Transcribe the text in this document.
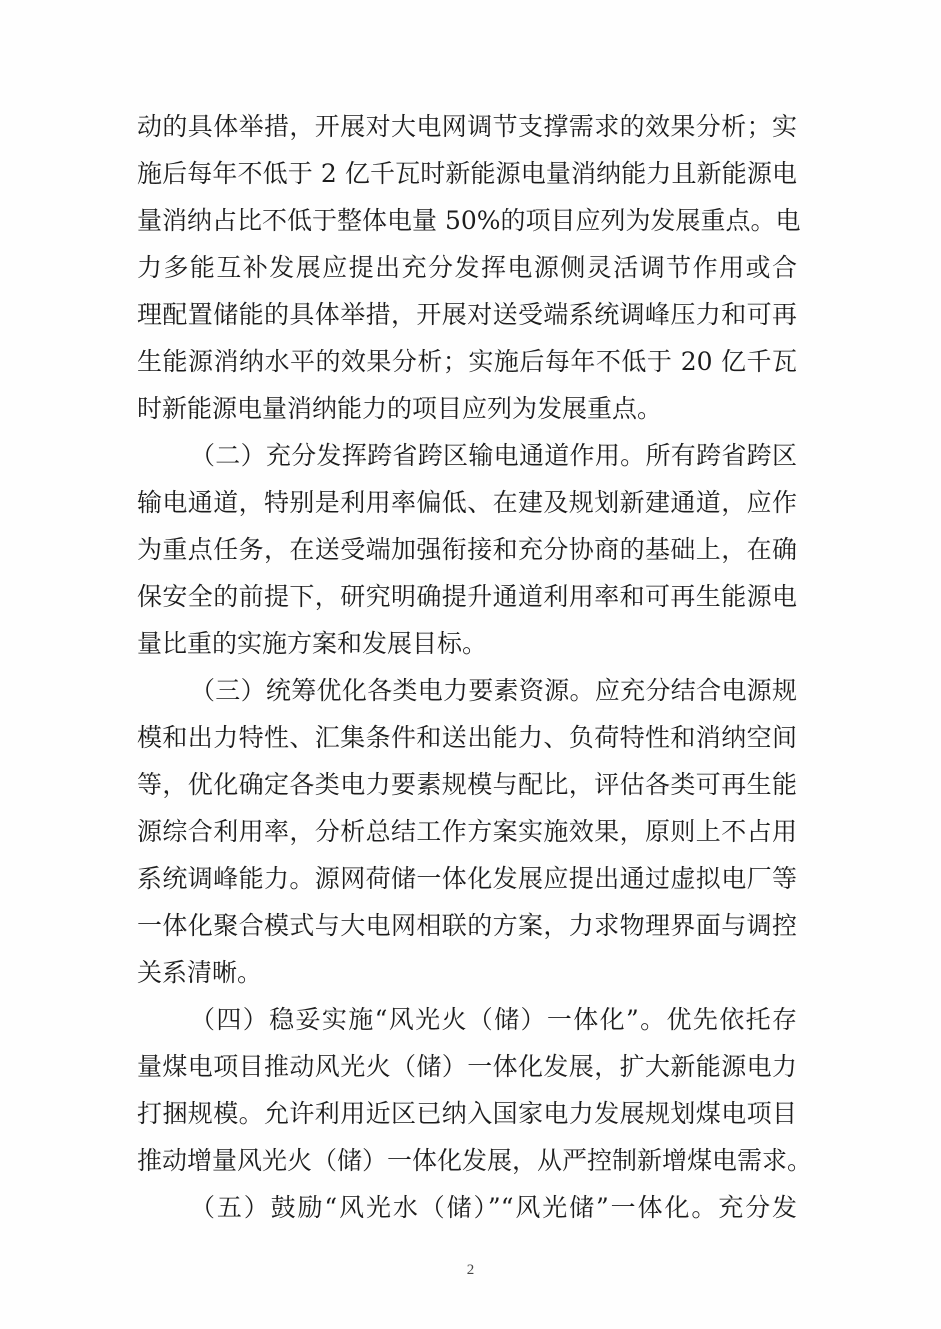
动的具体举措，开展对大电网调节支撑需求的效果分析；实
施后每年不低于 2 亿千瓦时新能源电量消纳能力且新能源电
量消纳占比不低于整体电量 50%的项目应列为发展重点。电
力多能互补发展应提出充分发挥电源侧灵活调节作用或合
理配置储能的具体举措，开展对送受端系统调峰压力和可再
生能源消纳水平的效果分析；实施后每年不低于 20 亿千瓦
时新能源电量消纳能力的项目应列为发展重点。
（二）充分发挥跨省跨区输电通道作用。所有跨省跨区
输电通道，特别是利用率偏低、在建及规划新建通道，应作
为重点任务，在送受端加强衔接和充分协商的基础上，在确
保安全的前提下，研究明确提升通道利用率和可再生能源电
量比重的实施方案和发展目标。
（三）统筹优化各类电力要素资源。应充分结合电源规
模和出力特性、汇集条件和送出能力、负荷特性和消纳空间
等，优化确定各类电力要素规模与配比，评估各类可再生能
源综合利用率，分析总结工作方案实施效果，原则上不占用
系统调峰能力。源网荷储一体化发展应提出通过虚拟电厂等
一体化聚合模式与大电网相联的方案，力求物理界面与调控
关系清晰。
（四）稳妥实施“风光火（储）一体化”。优先依托存
量煤电项目推动风光火（储）一体化发展，扩大新能源电力
打捆规模。允许利用近区已纳入国家电力发展规划煤电项目
推动增量风光火（储）一体化发展，从严控制新增煤电需求。
（五）鼓励“风光水（储）”“风光储”一体化。充分发
2
